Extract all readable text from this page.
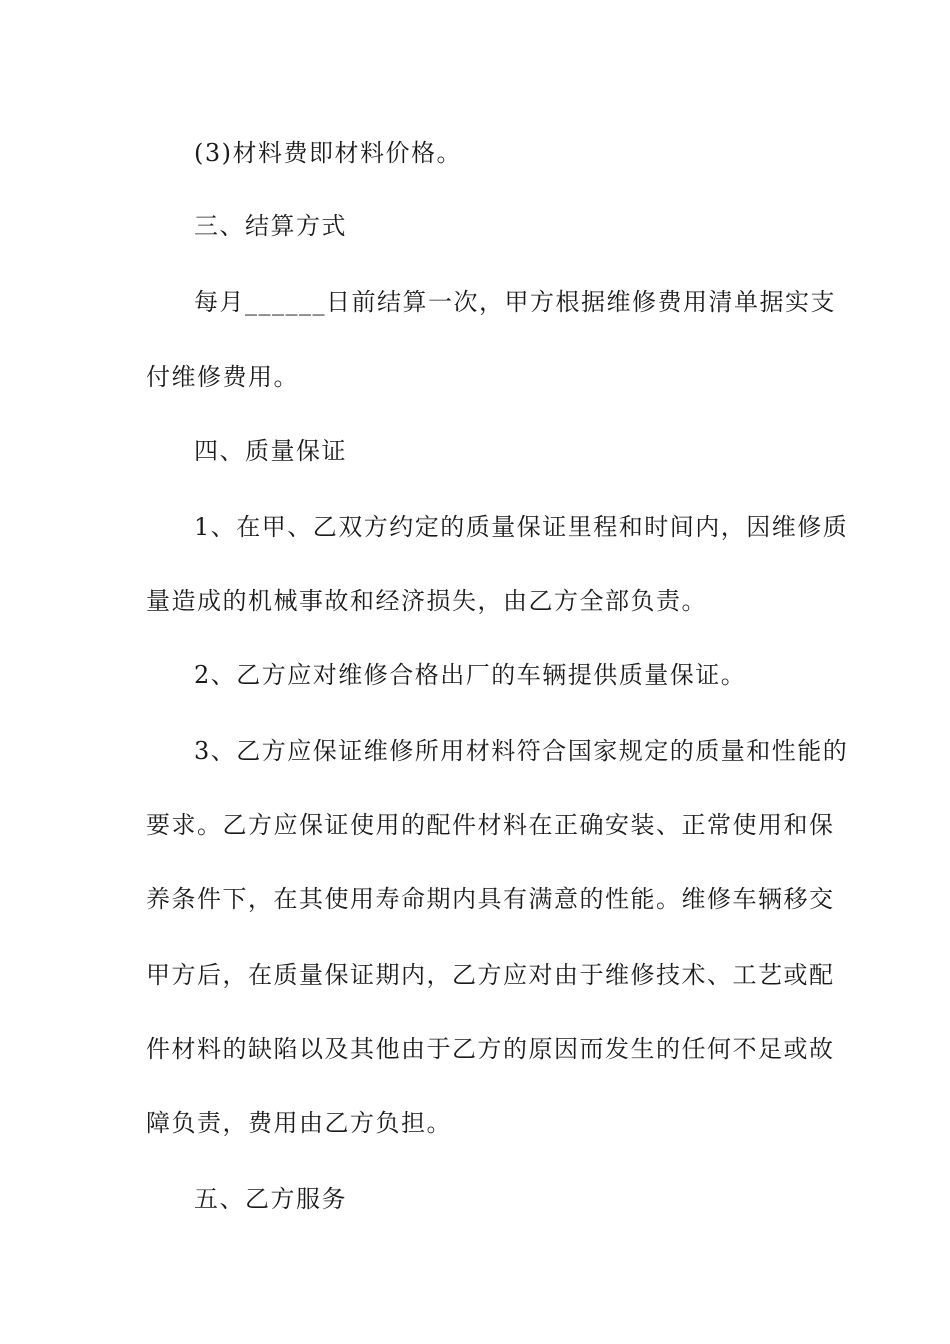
(3)材料费即材料价格。
三、结算方式
每月______日前结算一次，甲方根据维修费用清单据实支
付维修费用。
四、质量保证
1、在甲、乙双方约定的质量保证里程和时间内，因维修质
量造成的机械事故和经济损失，由乙方全部负责。
2、乙方应对维修合格出厂的车辆提供质量保证。
3、乙方应保证维修所用材料符合国家规定的质量和性能的
要求。乙方应保证使用的配件材料在正确安装、正常使用和保
养条件下，在其使用寿命期内具有满意的性能。维修车辆移交
甲方后，在质量保证期内，乙方应对由于维修技术、工艺或配
件材料的缺陷以及其他由于乙方的原因而发生的任何不足或故
障负责，费用由乙方负担。
五、乙方服务
